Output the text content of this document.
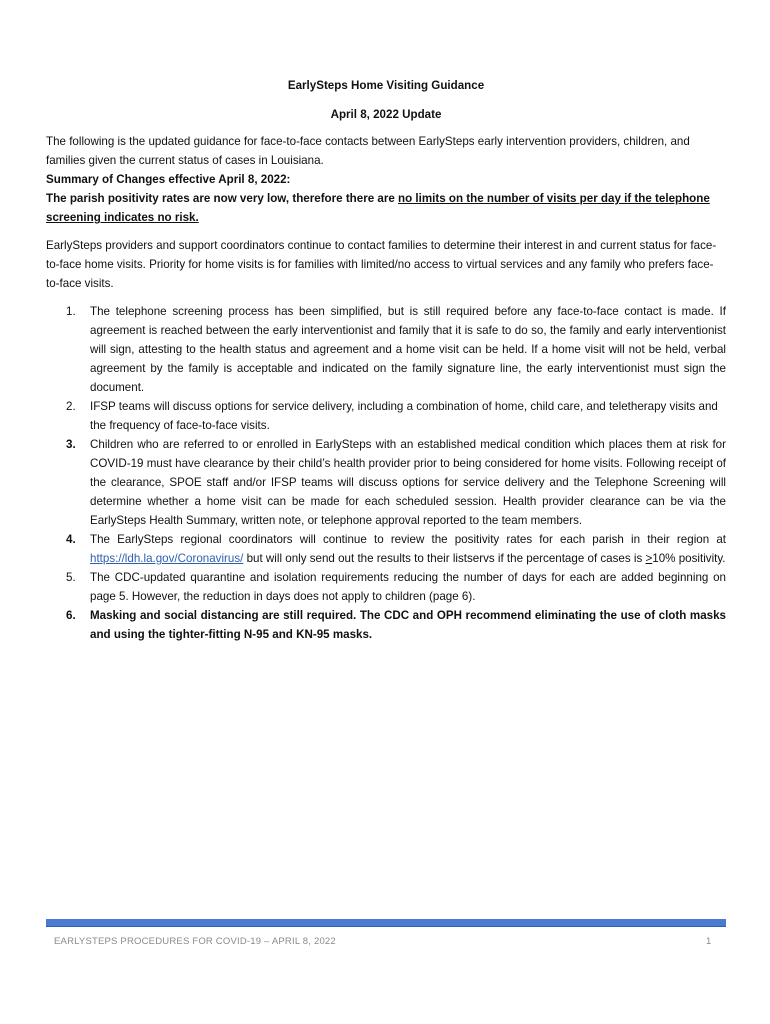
EarlySteps Home Visiting Guidance

April 8, 2022 Update

The following is the updated guidance for face-to-face contacts between EarlySteps early intervention providers, children, and families given the current status of cases in Louisiana.

Summary of Changes effective April 8, 2022:

The parish positivity rates are now very low, therefore there are no limits on the number of visits per day if the telephone screening indicates no risk.

EarlySteps providers and support coordinators continue to contact families to determine their interest in and current status for face-to-face home visits. Priority for home visits is for families with limited/no access to virtual services and any family who prefers face-to-face visits.

1.	The telephone screening process has been simplified, but is still required before any face-to-face contact is made. If agreement is reached between the early interventionist and family that it is safe to do so, the family and early interventionist will sign, attesting to the health status and agreement and a home visit can be held. If a home visit will not be held, verbal agreement by the family is acceptable and indicated on the family signature line, the early interventionist must sign the document.
2.	IFSP teams will discuss options for service delivery, including a combination of home, child care, and teletherapy visits and the frequency of face-to-face visits.
3.	Children who are referred to or enrolled in EarlySteps with an established medical condition which places them at risk for COVID-19 must have clearance by their child’s health provider prior to being considered for home visits. Following receipt of the clearance, SPOE staff and/or IFSP teams will discuss options for service delivery and the Telephone Screening will determine whether a home visit can be made for each scheduled session. Health provider clearance can be via the EarlySteps Health Summary, written note, or telephone approval reported to the team members.
4.	The EarlySteps regional coordinators will continue to review the positivity rates for each parish in their region at https://ldh.la.gov/Coronavirus/ but will only send out the results to their listservs if the percentage of cases is ≥10% positivity.
5.	The CDC-updated quarantine and isolation requirements reducing the number of days for each are added beginning on page 5. However, the reduction in days does not apply to children (page 6).
6.	Masking and social distancing are still required. The CDC and OPH recommend eliminating the use of cloth masks and using the tighter-fitting N-95 and KN-95 masks.
EARLYSTEPS PROCEDURES FOR COVID-19 – APRIL 8, 2022	1
